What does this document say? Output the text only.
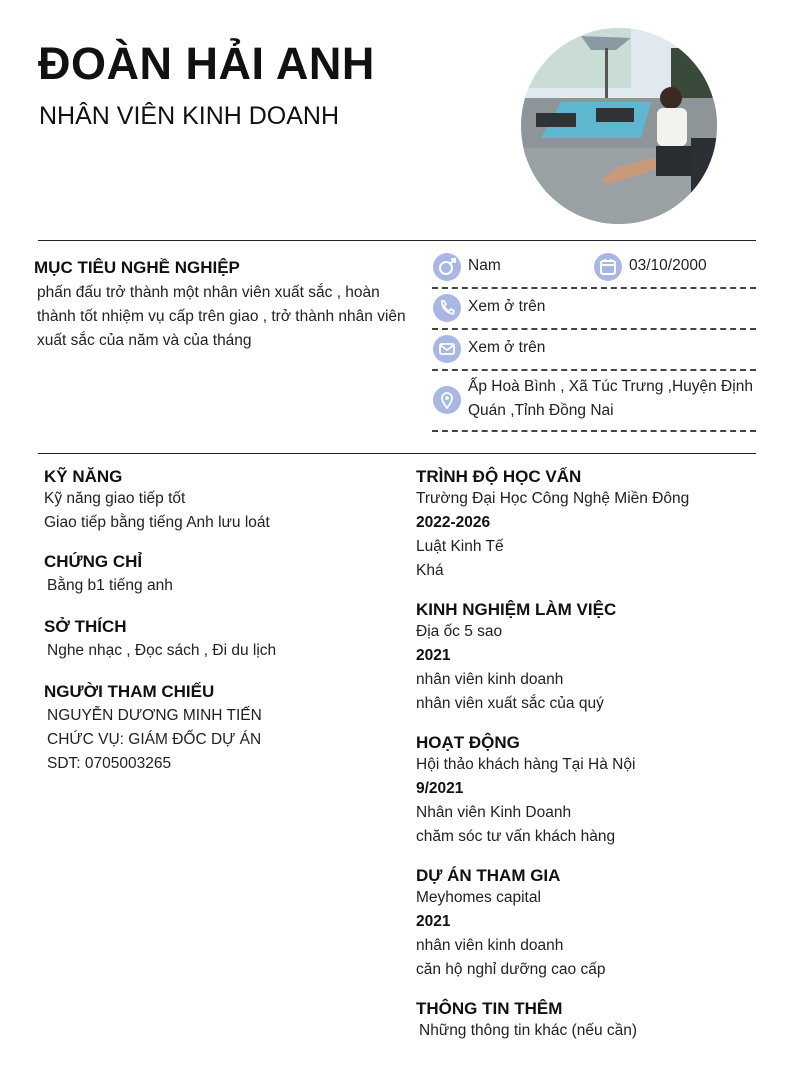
ĐOÀN HẢI ANH
NHÂN VIÊN KINH DOANH
MỤC TIÊU NGHỀ NGHIỆP
phấn đấu trở thành một nhân viên xuất sắc , hoàn thành tốt nhiệm vụ cấp trên giao , trở thành nhân viên xuất sắc của năm và của tháng
Nam	03/10/2000
Xem ở trên
Xem ở trên
Ấp Hoà Bình , Xã Túc Trưng ,Huyện Định Quán ,Tỉnh Đồng Nai
KỸ NĂNG
Kỹ năng giao tiếp tốt
Giao tiếp bằng tiếng Anh lưu loát
CHỨNG CHỈ
Bằng b1 tiếng anh
SỞ THÍCH
Nghe nhạc , Đọc sách , Đi du lịch
NGƯỜI THAM CHIẾU
NGUYỄN DƯƠNG MINH TIẾN
CHỨC VỤ: GIÁM ĐỐC DỰ ÁN
SDT: 0705003265
TRÌNH ĐỘ HỌC VẤN
Trường Đại Học Công Nghệ Miền Đông
2022-2026
Luật Kinh Tế
Khá
KINH NGHIỆM LÀM VIỆC
Địa ốc 5 sao
2021
nhân viên kinh doanh
nhân viên xuất sắc của quý
HOẠT ĐỘNG
Hội thảo khách hàng Tại Hà Nội
9/2021
Nhân viên Kinh Doanh
chăm sóc tư vấn khách hàng
DỰ ÁN THAM GIA
Meyhomes capital
2021
nhân viên kinh doanh
căn hộ nghỉ dưỡng cao cấp
THÔNG TIN THÊM
Những thông tin khác (nếu cần)
